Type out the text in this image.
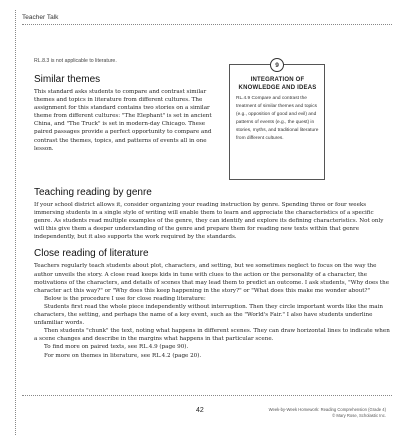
Teacher Talk
RL.8.3 is not applicable to literature.
Similar themes

This standard asks students to compare and contrast similar themes and topics in literature from different cultures. The assignment for this standard contains two stories on a similar theme from different cultures: "The Elephant" is set in ancient China, and "The Truck" is set in modern-day Chicago. These paired passages provide a perfect opportunity to compare and contrast the themes, topics, and patterns of events all in one lesson.

9
INTEGRATION OF
KNOWLEDGE AND IDEAS
RL.4.9 Compare and contrast the treatment of similar themes and topics (e.g., opposition of good and evil) and patterns of events (e.g., the quest) in stories, myths, and traditional literature from different cultures.
Teaching reading by genre

If your school district allows it, consider organizing your reading instruction by genre. Spending three or four weeks immersing students in a single style of writing will enable them to learn and appreciate the characteristics of a specific genre. As students read multiple examples of the genre, they can identify and explore its defining characteristics. Not only will this give them a deeper understanding of the genre and prepare them for reading new texts within that genre independently, but it also supports the work required by the standards.

Close reading of literature

Teachers regularly teach students about plot, characters, and setting, but we sometimes neglect to focus on the way the author unveils the story. A close read keeps kids in tune with clues to the action or the personality of a character, the motivations of the characters, and details of scenes that may lead them to predict an outcome. I ask students, "Why does the character act this way?" or "Why does this keep happening in the story?" or "What does this make me wonder about?"

Below is the procedure I use for close reading literature:

Students first read the whole piece independently without interruption. Then they circle important words like the main characters, the setting, and perhaps the name of a key event, such as the "World's Fair." I also have students underline unfamiliar words.

Then students "chunk" the text, noting what happens in different scenes. They can draw horizontal lines to indicate when a scene changes and describe in the margins what happens in that particular scene.

To find more on paired texts, see RL.4.9 (page 90).

For more on themes in literature, see RL.4.2 (page 20).

42	Week-by-Week Homework: Reading Comprehension (Grade 4)
© Mary Rose, Scholastic Inc.
